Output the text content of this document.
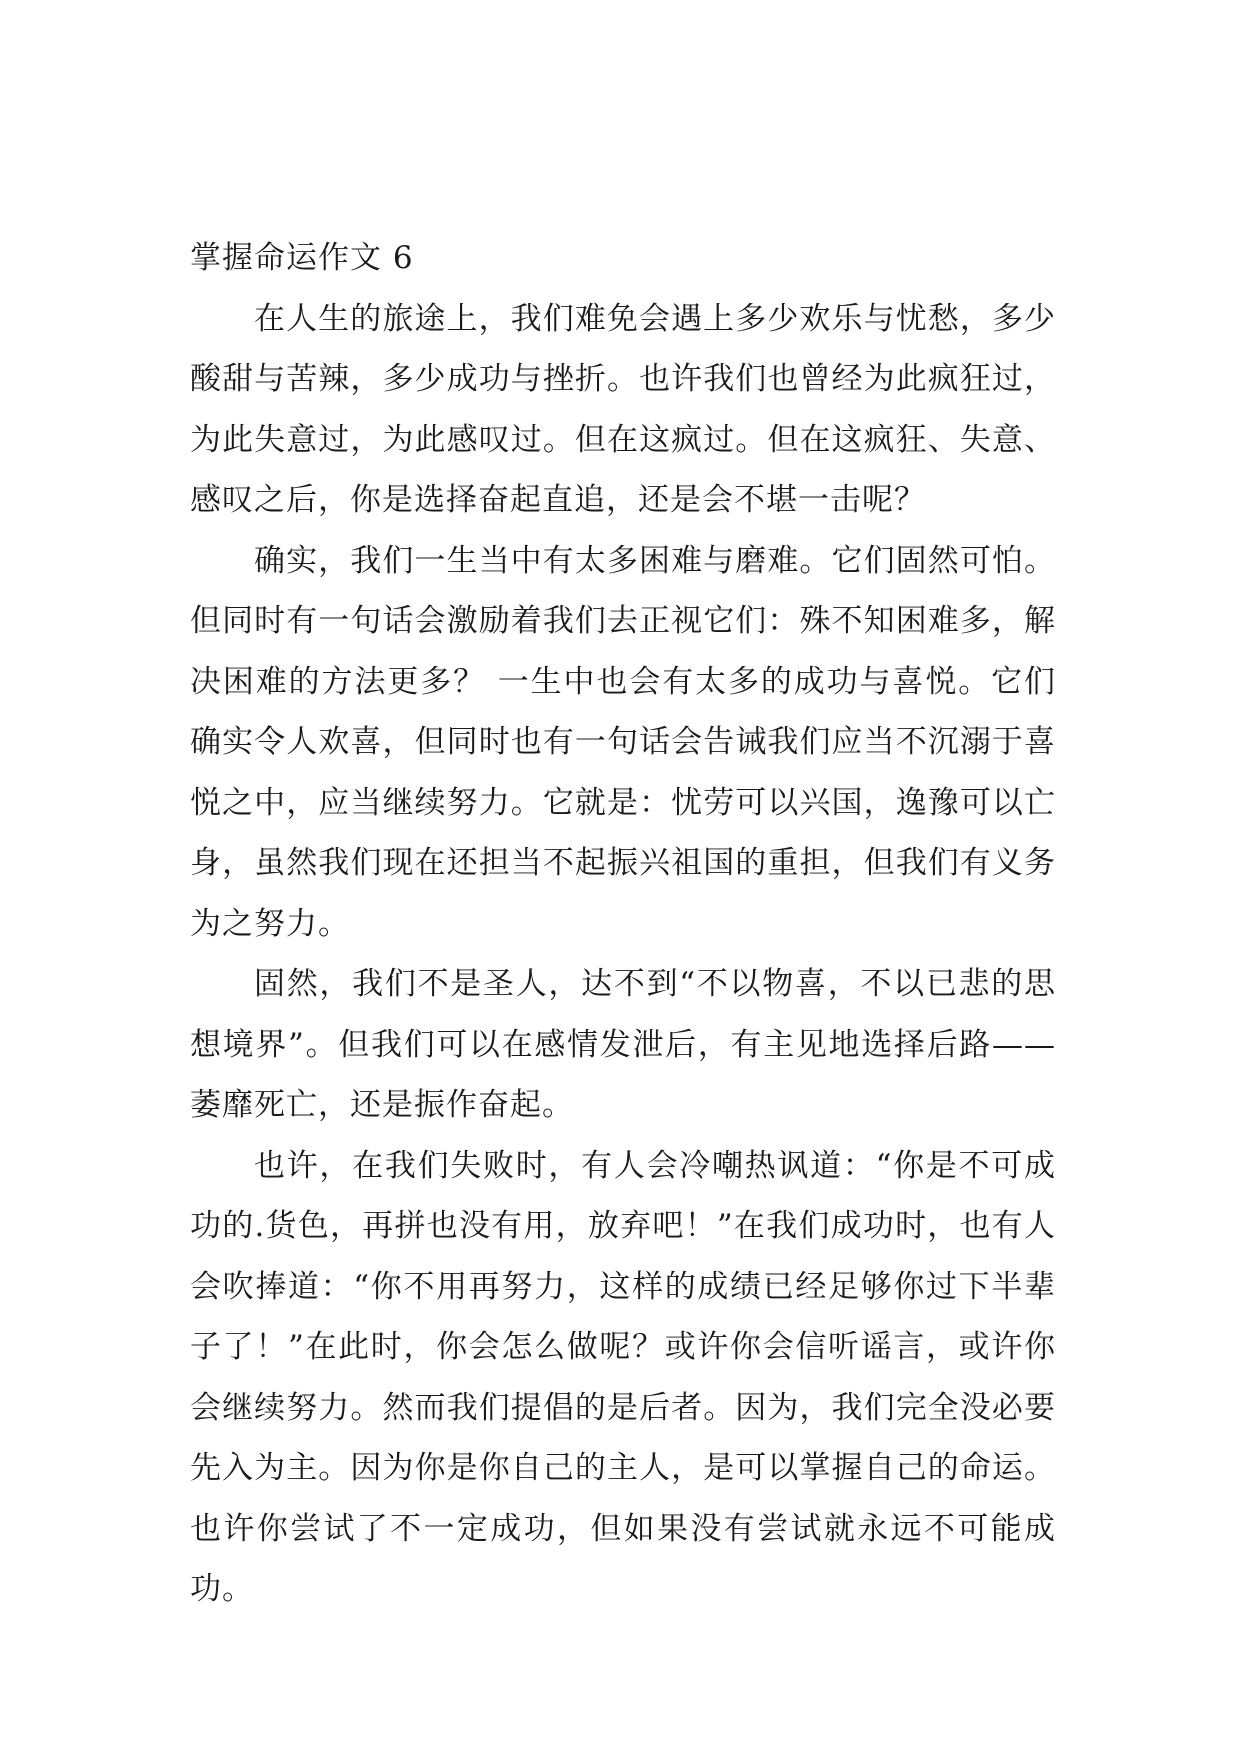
掌握命运作文 6

在人生的旅途上，我们难免会遇上多少欢乐与忧愁，多少酸甜与苦辣，多少成功与挫折。也许我们也曾经为此疯狂过，为此失意过，为此感叹过。但在这疯过。但在这疯狂、失意、感叹之后，你是选择奋起直追，还是会不堪一击呢？

确实，我们一生当中有太多困难与磨难。它们固然可怕。但同时有一句话会激励着我们去正视它们：殊不知困难多，解决困难的方法更多？ 一生中也会有太多的成功与喜悦。它们确实令人欢喜，但同时也有一句话会告诫我们应当不沉溺于喜悦之中，应当继续努力。它就是：忧劳可以兴国，逸豫可以亡身，虽然我们现在还担当不起振兴祖国的重担，但我们有义务为之努力。

固然，我们不是圣人，达不到“不以物喜，不以已悲的思想境界”。但我们可以在感情发泄后，有主见地选择后路——萎靡死亡，还是振作奋起。

也许，在我们失败时，有人会冷嘲热讽道：“你是不可成功的.货色，再拼也没有用，放弃吧！”在我们成功时，也有人会吹捧道：“你不用再努力，这样的成绩已经足够你过下半辈子了！”在此时，你会怎么做呢？或许你会信听谣言，或许你会继续努力。然而我们提倡的是后者。因为，我们完全没必要先入为主。因为你是你自己的主人，是可以掌握自己的命运。也许你尝试了不一定成功，但如果没有尝试就永远不可能成功。
